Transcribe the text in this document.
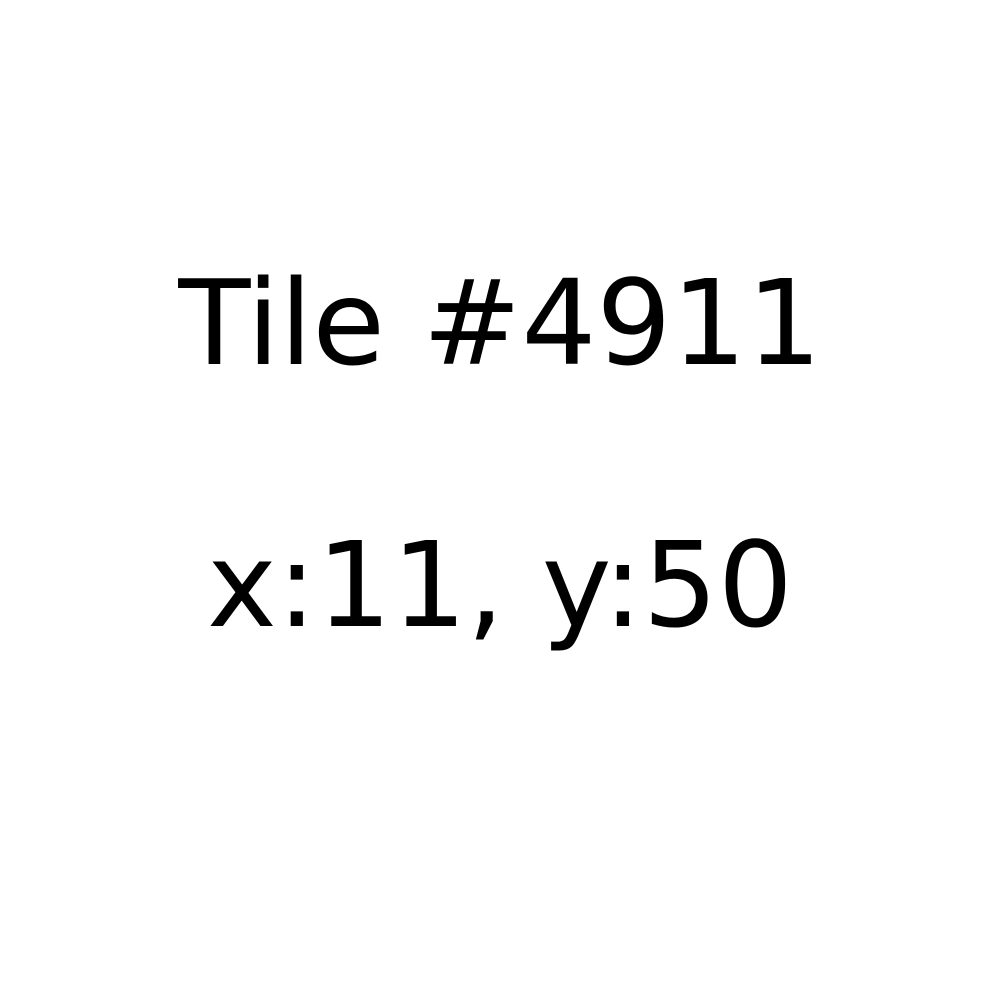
Tile #4911
x:11, y:50
